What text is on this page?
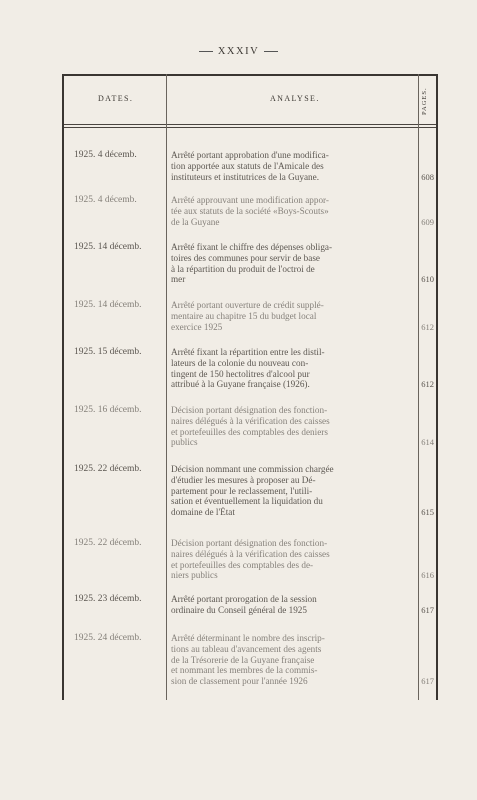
XXXIV
DATES.	ANALYSE.	PAGES.
1925. 4 décemb.	Arrêté portant approbation d'une modifica-
tion apportée aux statuts de l'Amicale des
instituteurs et institutrices de la Guyane.	608
1925. 4 décemb.	Arrêté approuvant une modification appor-
tée aux statuts de la société «Boys-Scouts»
de la Guyane	609
1925. 14 décemb.	Arrêté fixant le chiffre des dépenses obliga-
toires des communes pour servir de base
à la répartition du produit de l'octroi de
mer	610
1925. 14 décemb.	Arrêté portant ouverture de crédit supplé-
mentaire au chapitre 15 du budget local
exercice 1925	612
1925. 15 décemb.	Arrêté fixant la répartition entre les distil-
lateurs de la colonie du nouveau con-
tingent de 150 hectolitres d'alcool pur
attribué à la Guyane française (1926).	612
1925. 16 décemb.	Décision portant désignation des fonction-
naires délégués à la vérification des caisses
et portefeuilles des comptables des deniers
publics	614
1925. 22 décemb.	Décision nommant une commission chargée
d'étudier les mesures à proposer au Dé-
partement pour le reclassement, l'utili-
sation et éventuellement la liquidation du
domaine de l'État	615
1925. 22 décemb.	Décision portant désignation des fonction-
naires délégués à la vérification des caisses
et portefeuilles des comptables des de-
niers publics	616
1925. 23 décemb.	Arrêté portant prorogation de la session
ordinaire du Conseil général de 1925	617
1925. 24 décemb.	Arrêté déterminant le nombre des inscrip-
tions au tableau d'avancement des agents
de la Trésorerie de la Guyane française
et nommant les membres de la commis-
sion de classement pour l'année 1926	617
